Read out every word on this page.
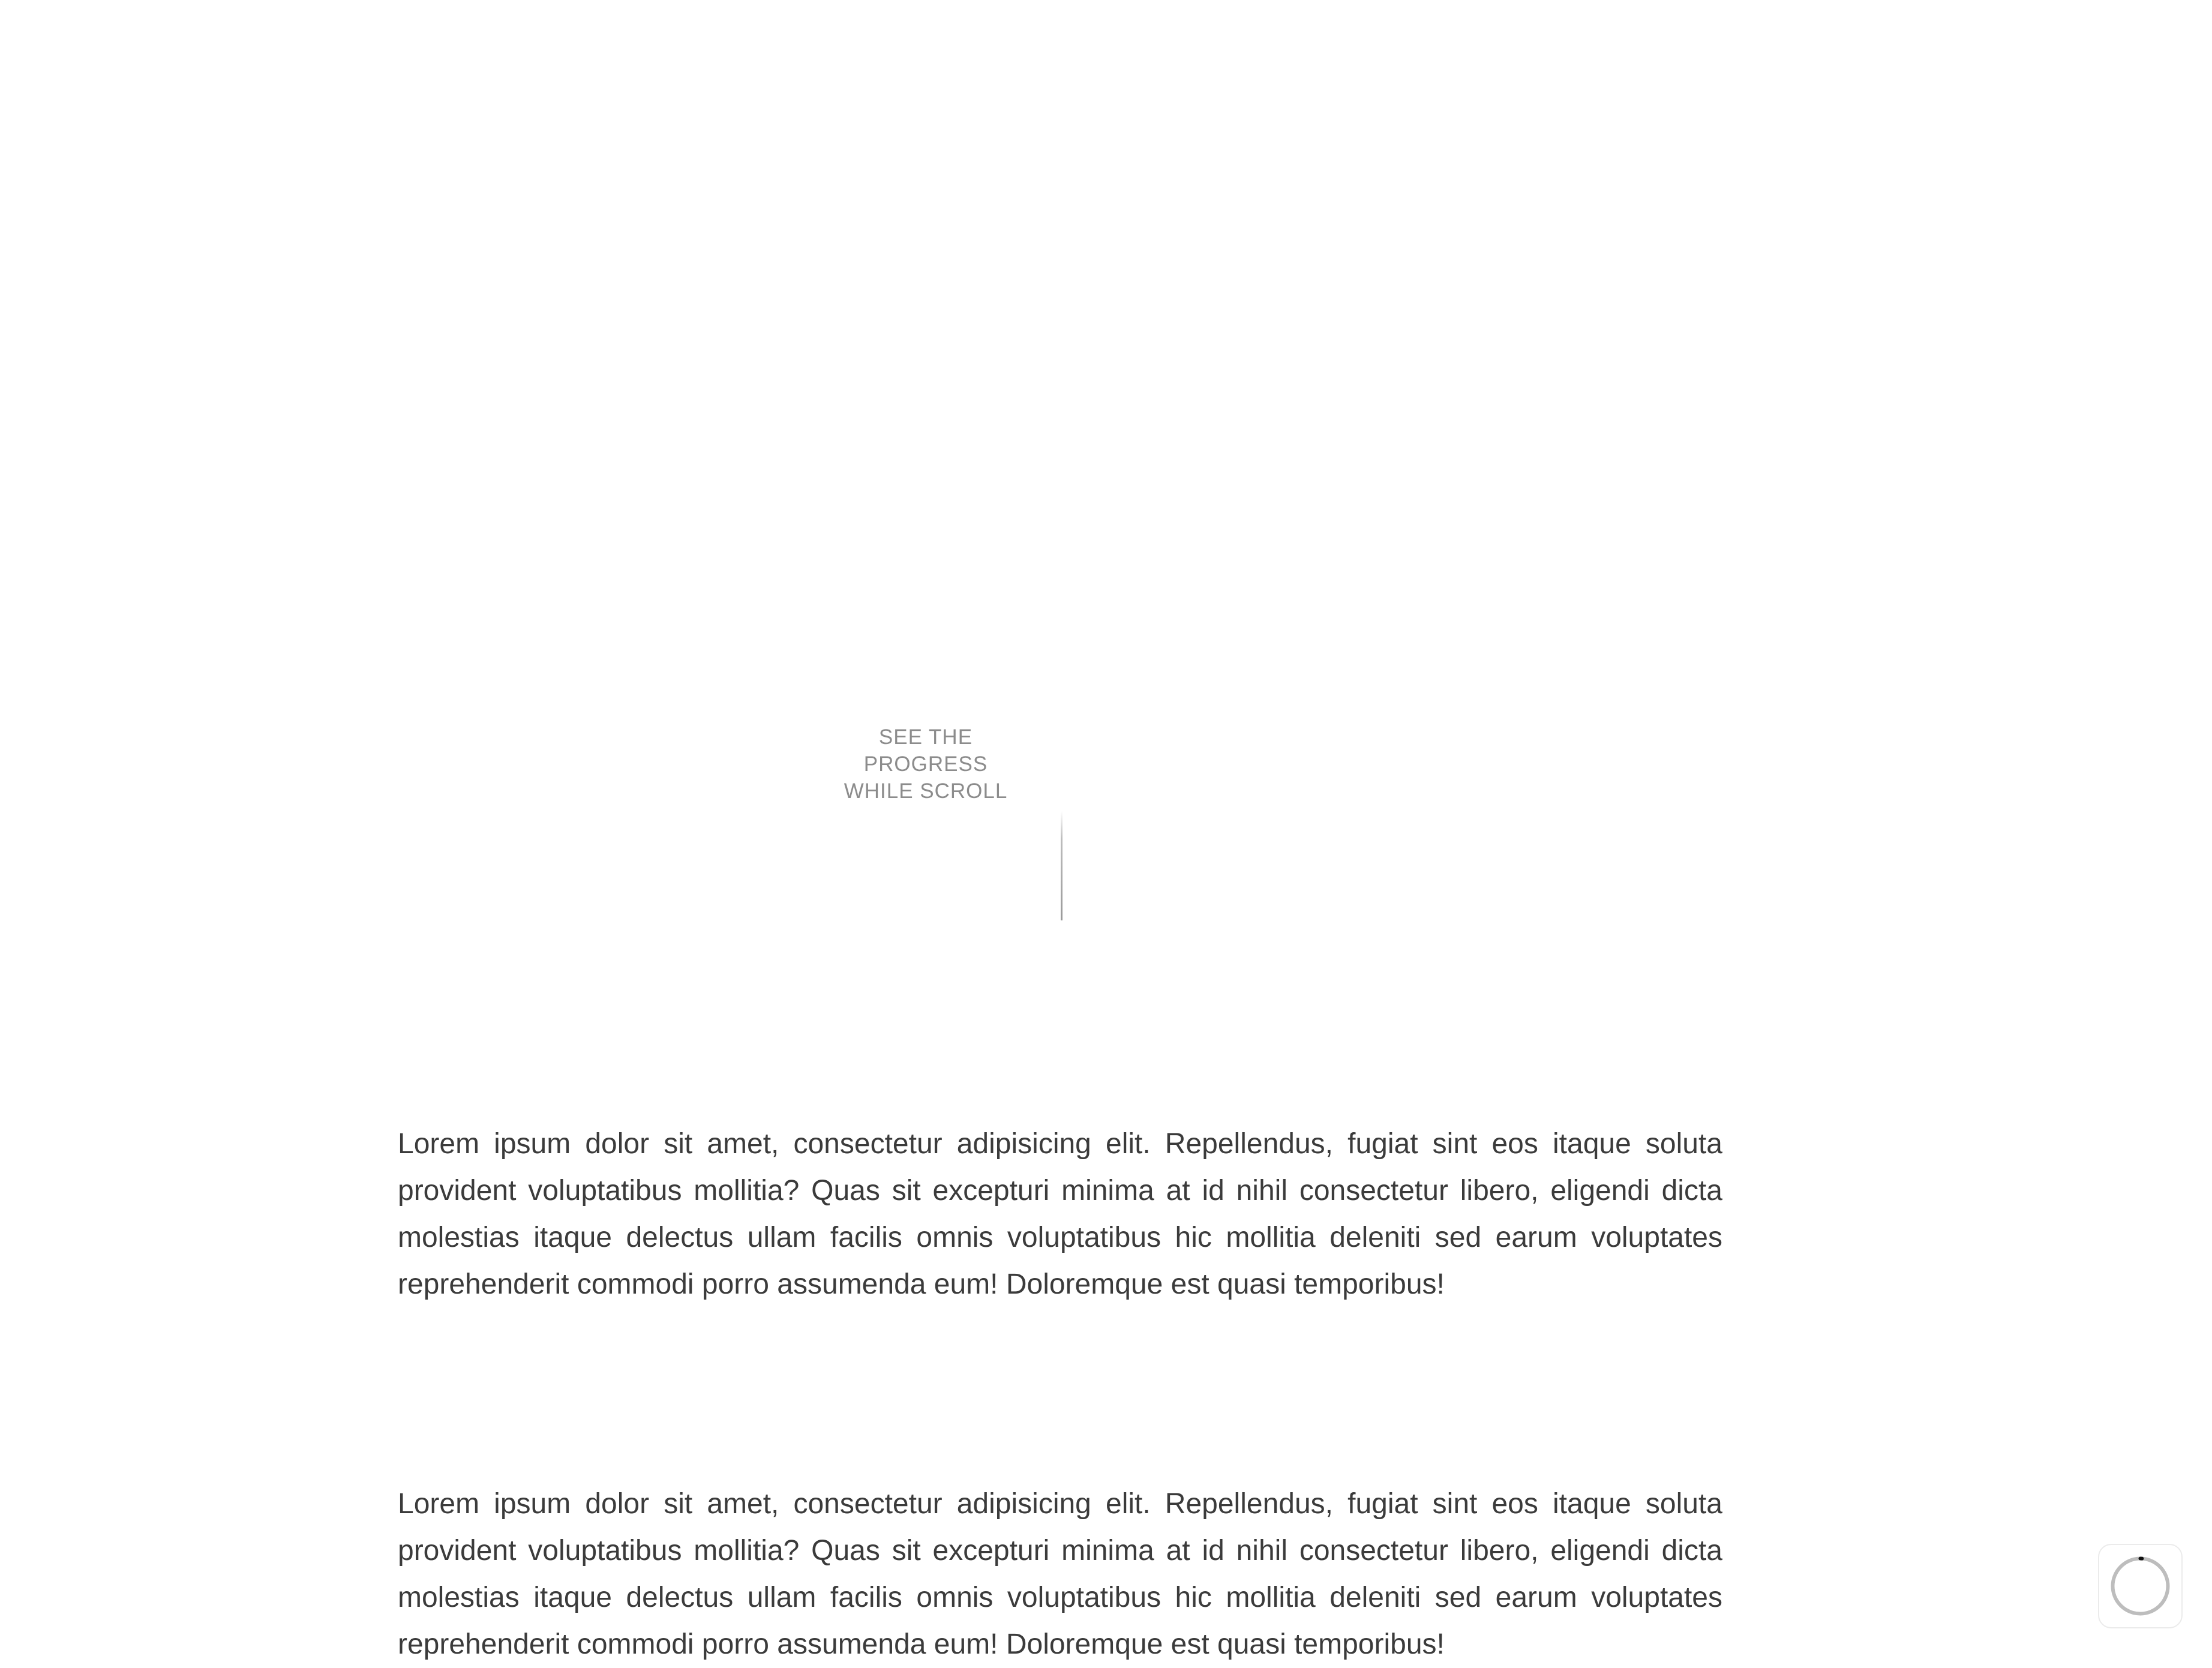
SEE THE
PROGRESS
WHILE SCROLL

Lorem ipsum dolor sit amet, consectetur adipisicing elit. Repellendus, fugiat sint eos itaque soluta provident voluptatibus mollitia? Quas sit excepturi minima at id nihil consectetur libero, eligendi dicta molestias itaque delectus ullam facilis omnis voluptatibus hic mollitia deleniti sed earum voluptates reprehenderit commodi porro assumenda eum! Doloremque est quasi temporibus!

Lorem ipsum dolor sit amet, consectetur adipisicing elit. Repellendus, fugiat sint eos itaque soluta provident voluptatibus mollitia? Quas sit excepturi minima at id nihil consectetur libero, eligendi dicta molestias itaque delectus ullam facilis omnis voluptatibus hic mollitia deleniti sed earum voluptates reprehenderit commodi porro assumenda eum! Doloremque est quasi temporibus!
